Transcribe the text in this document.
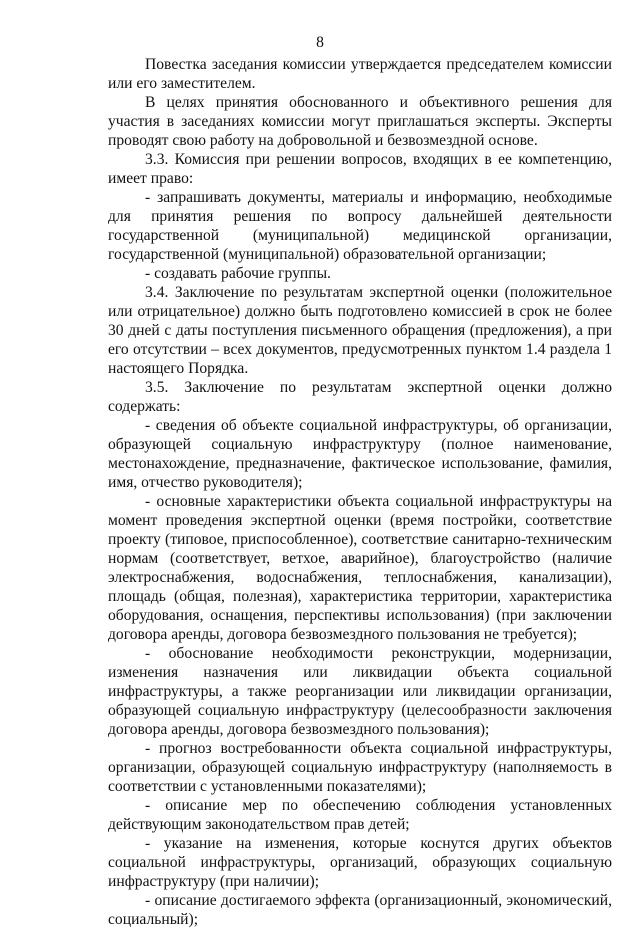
8

Повестка заседания комиссии утверждается председателем комиссии или его заместителем.

В целях принятия обоснованного и объективного решения для участия в заседаниях комиссии могут приглашаться эксперты. Эксперты проводят свою работу на добровольной и безвозмездной основе.

3.3. Комиссия при решении вопросов, входящих в ее компетенцию, имеет право:

- запрашивать документы, материалы и информацию, необходимые для принятия решения по вопросу дальнейшей деятельности государственной (муниципальной) медицинской организации, государственной (муниципальной) образовательной организации;

- создавать рабочие группы.

3.4. Заключение по результатам экспертной оценки (положительное или отрицательное) должно быть подготовлено комиссией в срок не более 30 дней с даты поступления письменного обращения (предложения), а при его отсутствии – всех документов, предусмотренных пунктом 1.4 раздела 1 настоящего Порядка.

3.5. Заключение по результатам экспертной оценки должно содержать:

- сведения об объекте социальной инфраструктуры, об организации, образующей социальную инфраструктуру (полное наименование, местонахождение, предназначение, фактическое использование, фамилия, имя, отчество руководителя);

- основные характеристики объекта социальной инфраструктуры на момент проведения экспертной оценки (время постройки, соответствие проекту (типовое, приспособленное), соответствие санитарно-техническим нормам (соответствует, ветхое, аварийное), благоустройство (наличие электроснабжения, водоснабжения, теплоснабжения, канализации), площадь (общая, полезная), характеристика территории, характеристика оборудования, оснащения, перспективы использования) (при заключении договора аренды, договора безвозмездного пользования не требуется);

- обоснование необходимости реконструкции, модернизации, изменения назначения или ликвидации объекта социальной инфраструктуры, а также реорганизации или ликвидации организации, образующей социальную инфраструктуру (целесообразности заключения договора аренды, договора безвозмездного пользования);

- прогноз востребованности объекта социальной инфраструктуры, организации, образующей социальную инфраструктуру (наполняемость в соответствии с установленными показателями);

- описание мер по обеспечению соблюдения установленных действующим законодательством прав детей;

- указание на изменения, которые коснутся других объектов социальной инфраструктуры, организаций, образующих социальную инфраструктуру (при наличии);

- описание достигаемого эффекта (организационный, экономический, социальный);
